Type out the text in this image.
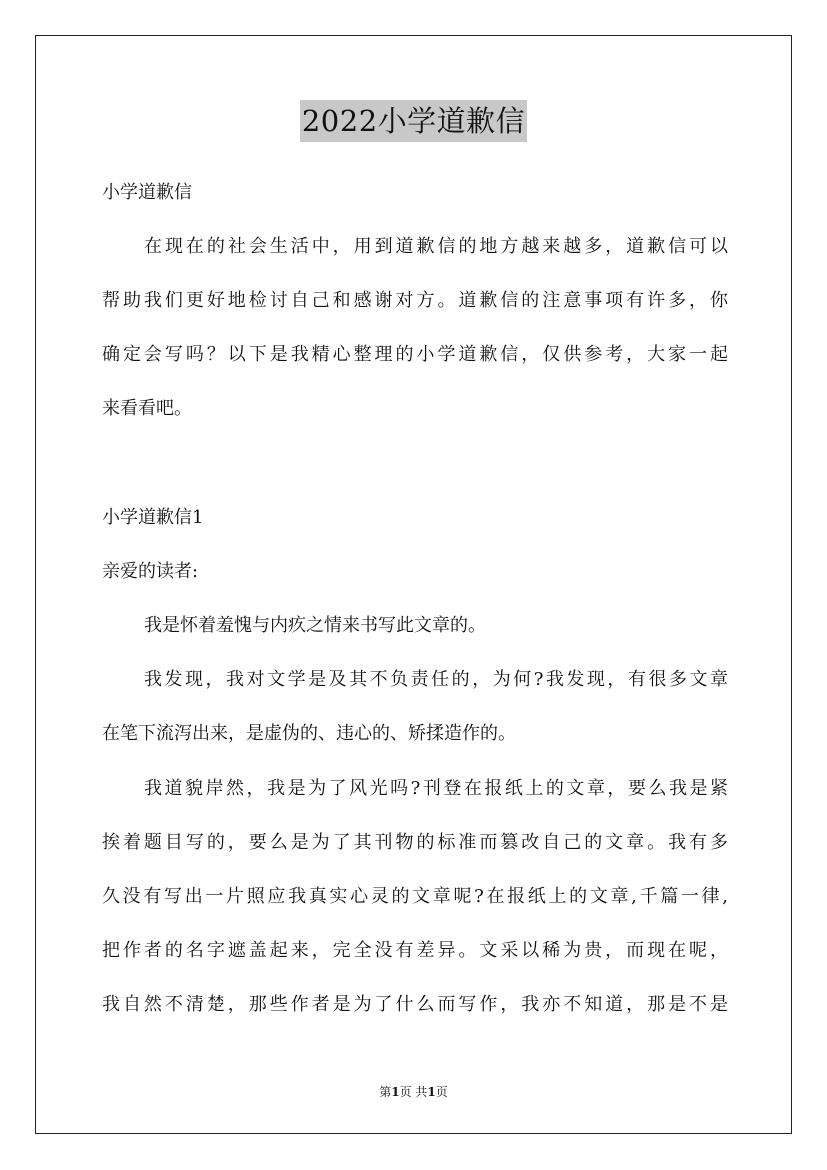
2022小学道歉信
小学道歉信
在现在的社会生活中，用到道歉信的地方越来越多，道歉信可以
帮助我们更好地检讨自己和感谢对方。道歉信的注意事项有许多，你
确定会写吗？以下是我精心整理的小学道歉信，仅供参考，大家一起
来看看吧。
小学道歉信1
亲爱的读者:
我是怀着羞愧与内疚之情来书写此文章的。
我发现，我对文学是及其不负责任的，为何?我发现，有很多文章
在笔下流泻出来，是虚伪的、违心的、矫揉造作的。
我道貌岸然，我是为了风光吗?刊登在报纸上的文章，要么我是紧
挨着题目写的，要么是为了其刊物的标准而篡改自己的文章。我有多
久没有写出一片照应我真实心灵的文章呢?在报纸上的文章,千篇一律,
把作者的名字遮盖起来，完全没有差异。文采以稀为贵，而现在呢，
我自然不清楚，那些作者是为了什么而写作，我亦不知道，那是不是
第1页 共1页
